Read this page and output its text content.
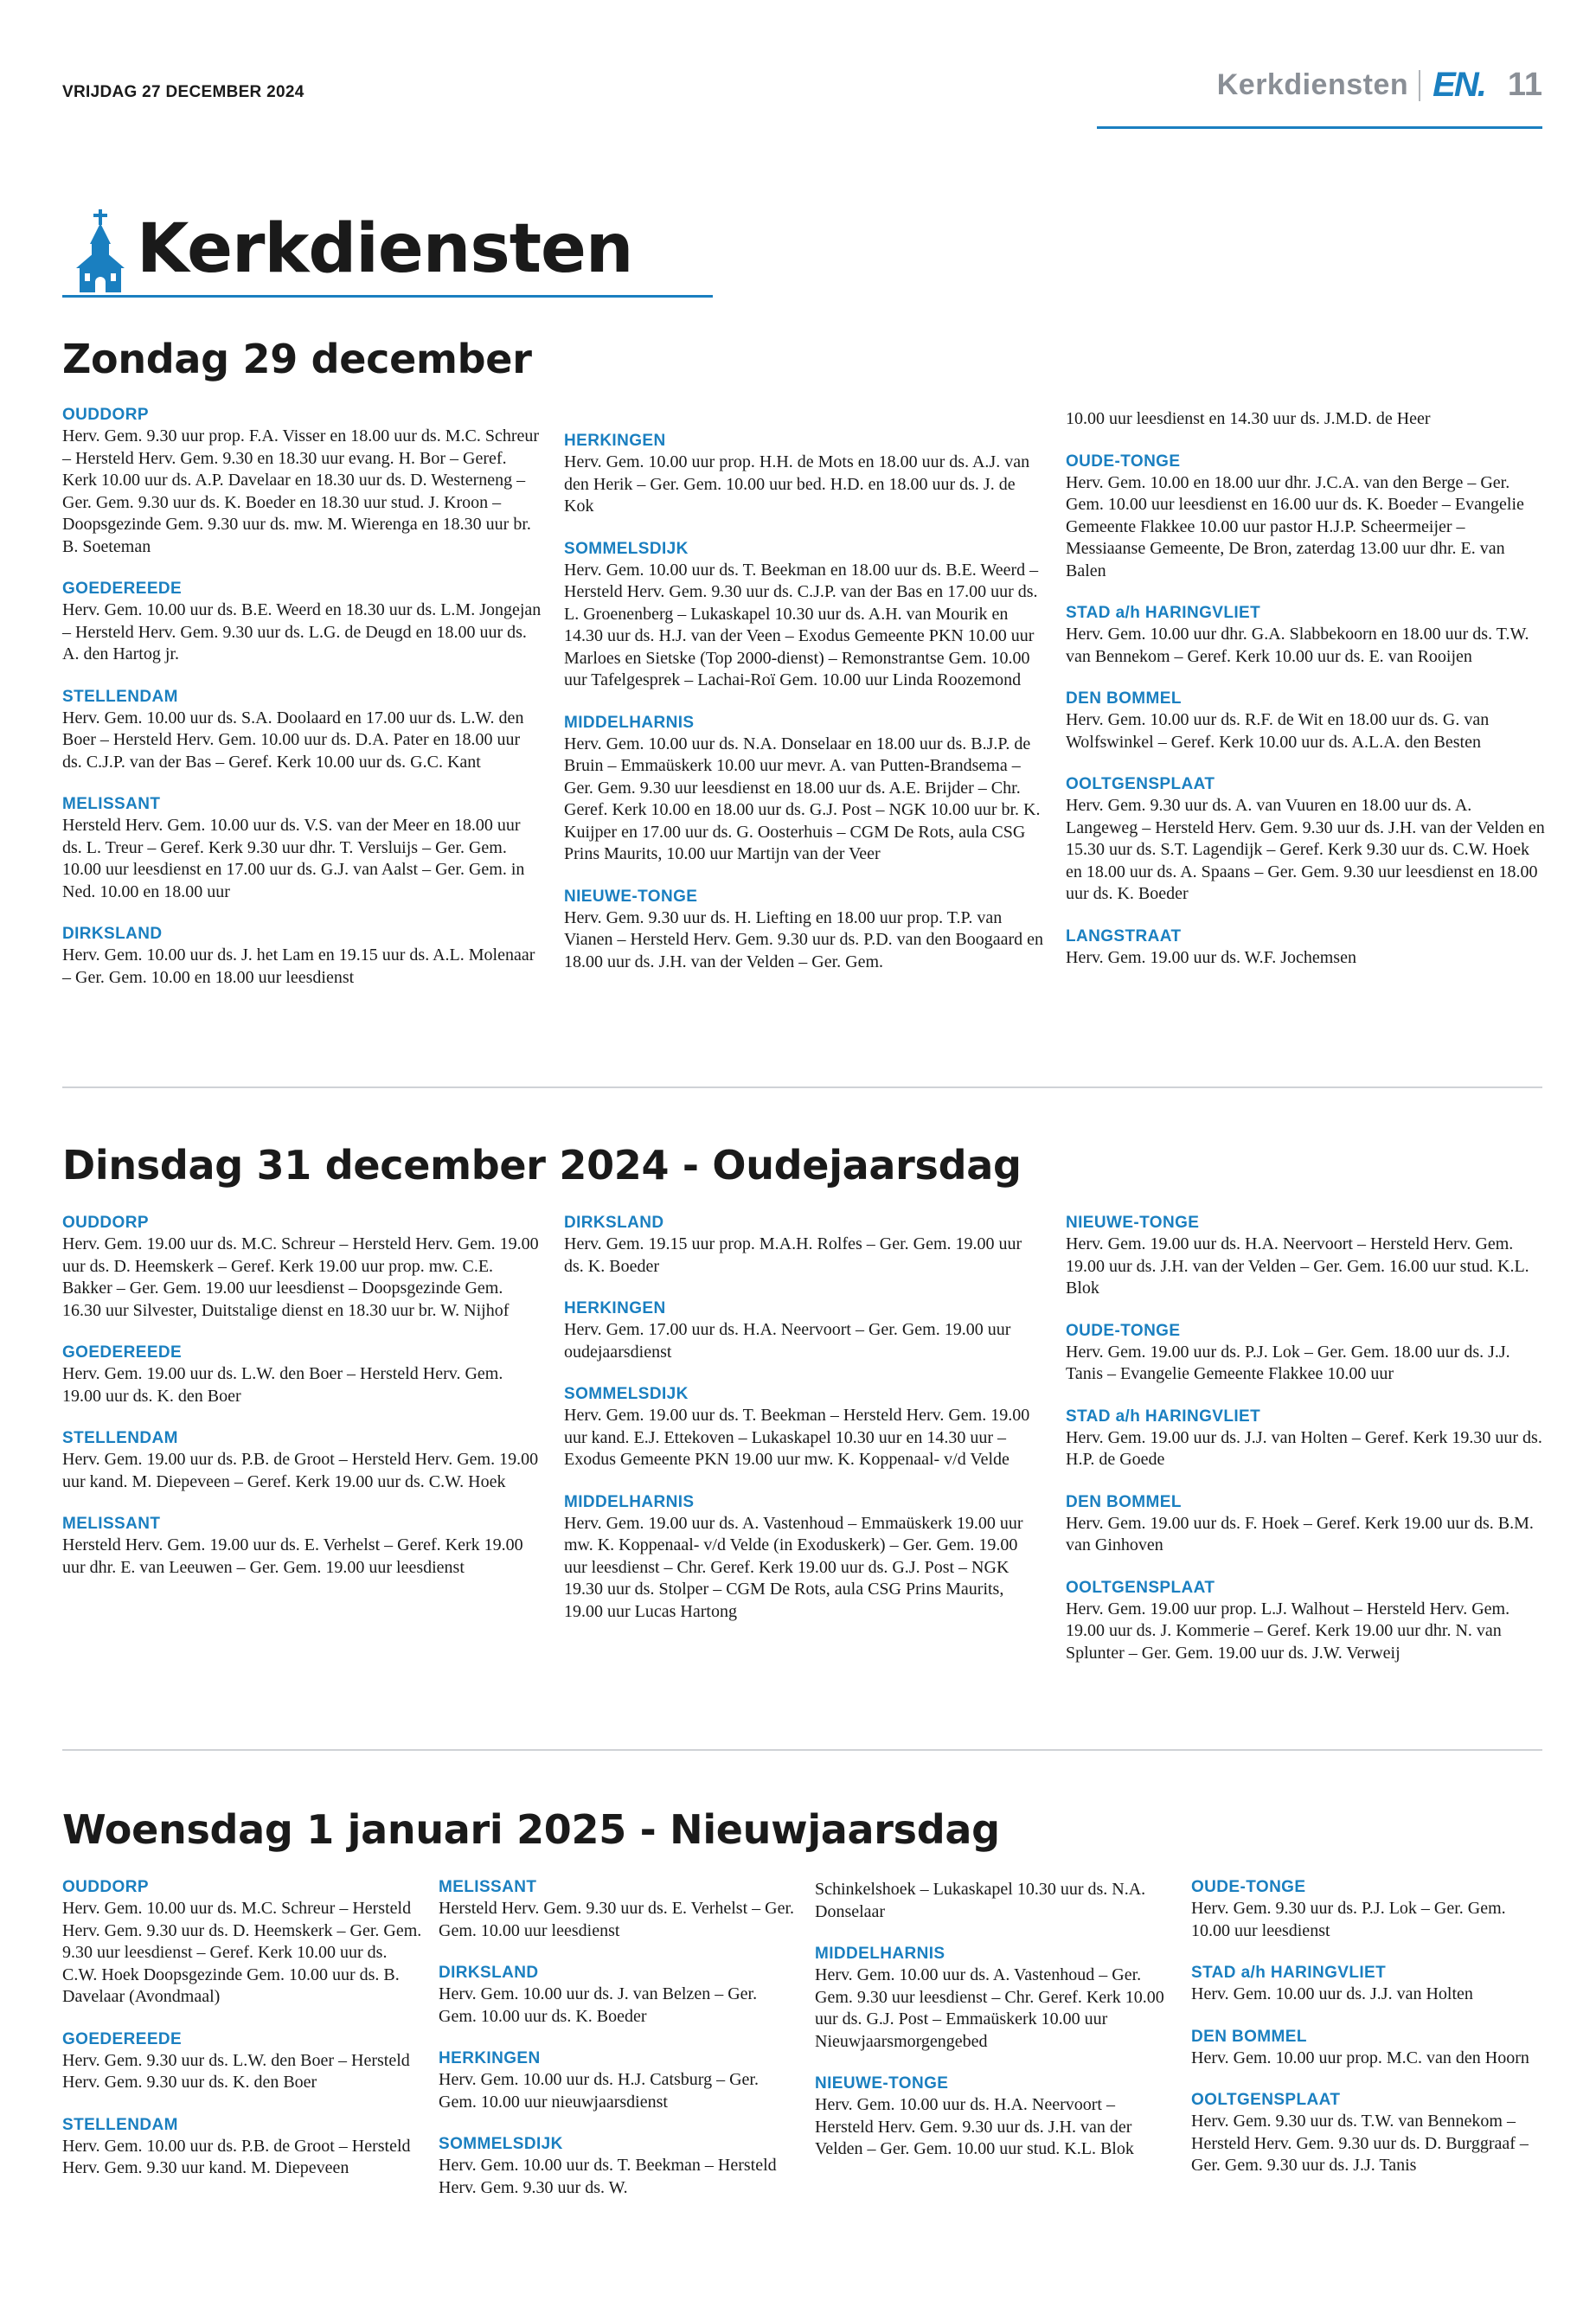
VRIJDAG 27 DECEMBER 2024	Kerkdiensten EN. 11
Kerkdiensten
Zondag 29 december
OUDDORP
Herv. Gem. 9.30 uur prop. F.A. Visser en 18.00 uur ds. M.C. Schreur – Hersteld Herv. Gem. 9.30 en 18.30 uur evang. H. Bor – Geref. Kerk 10.00 uur ds. A.P. Davelaar en 18.30 uur ds. D. Westerneng – Ger. Gem. 9.30 uur ds. K. Boeder en 18.30 uur stud. J. Kroon – Doopsgezinde Gem. 9.30 uur ds. mw. M. Wierenga en 18.30 uur br. B. Soeteman
GOEDEREEDE
Herv. Gem. 10.00 uur ds. B.E. Weerd en 18.30 uur ds. L.M. Jongejan – Hersteld Herv. Gem. 9.30 uur ds. L.G. de Deugd en 18.00 uur ds. A. den Hartog jr.
STELLENDAM
Herv. Gem. 10.00 uur ds. S.A. Doolaard en 17.00 uur ds. L.W. den Boer – Hersteld Herv. Gem. 10.00 uur ds. D.A. Pater en 18.00 uur ds. C.J.P. van der Bas – Geref. Kerk 10.00 uur ds. G.C. Kant
MELISSANT
Hersteld Herv. Gem. 10.00 uur ds. V.S. van der Meer en 18.00 uur ds. L. Treur – Geref. Kerk 9.30 uur dhr. T. Versluijs – Ger. Gem. 10.00 uur leesdienst en 17.00 uur ds. G.J. van Aalst – Ger. Gem. in Ned. 10.00 en 18.00 uur
DIRKSLAND
Herv. Gem. 10.00 uur ds. J. het Lam en 19.15 uur ds. A.L. Molenaar – Ger. Gem. 10.00 en 18.00 uur leesdienst
HERKINGEN
Herv. Gem. 10.00 uur prop. H.H. de Mots en 18.00 uur ds. A.J. van den Herik – Ger. Gem. 10.00 uur bed. H.D. en 18.00 uur ds. J. de Kok
SOMMELSDIJK
Herv. Gem. 10.00 uur ds. T. Beekman en 18.00 uur ds. B.E. Weerd – Hersteld Herv. Gem. 9.30 uur ds. C.J.P. van der Bas en 17.00 uur ds. L. Groenenberg – Lukaskapel 10.30 uur ds. A.H. van Mourik en 14.30 uur ds. H.J. van der Veen – Exodus Gemeente PKN 10.00 uur Marloes en Sietske (Top 2000-dienst) – Remonstrantse Gem. 10.00 uur Tafelgesprek – Lachai-Roï Gem. 10.00 uur Linda Roozemond
MIDDELHARNIS
Herv. Gem. 10.00 uur ds. N.A. Donselaar en 18.00 uur ds. B.J.P. de Bruin – Emmaüskerk 10.00 uur mevr. A. van Putten-Brandsema – Ger. Gem. 9.30 uur leesdienst en 18.00 uur ds. A.E. Brijder – Chr. Geref. Kerk 10.00 en 18.00 uur ds. G.J. Post – NGK 10.00 uur br. K. Kuijper en 17.00 uur ds. G. Oosterhuis – CGM De Rots, aula CSG Prins Maurits, 10.00 uur Martijn van der Veer
NIEUWE-TONGE
Herv. Gem. 9.30 uur ds. H. Liefting en 18.00 uur prop. T.P. van Vianen – Hersteld Herv. Gem. 9.30 uur ds. P.D. van den Boogaard en 18.00 uur ds. J.H. van der Velden – Ger. Gem.
10.00 uur leesdienst en 14.30 uur ds. J.M.D. de Heer
OUDE-TONGE
Herv. Gem. 10.00 en 18.00 uur dhr. J.C.A. van den Berge – Ger. Gem. 10.00 uur leesdienst en 16.00 uur ds. K. Boeder – Evangelie Gemeente Flakkee 10.00 uur pastor H.J.P. Scheermeijer – Messiaanse Gemeente, De Bron, zaterdag 13.00 uur dhr. E. van Balen
STAD a/h HARINGVLIET
Herv. Gem. 10.00 uur dhr. G.A. Slabbekoorn en 18.00 uur ds. T.W. van Bennekom – Geref. Kerk 10.00 uur ds. E. van Rooijen
DEN BOMMEL
Herv. Gem. 10.00 uur ds. R.F. de Wit en 18.00 uur ds. G. van Wolfswinkel – Geref. Kerk 10.00 uur ds. A.L.A. den Besten
OOLTGENSPLAAT
Herv. Gem. 9.30 uur ds. A. van Vuuren en 18.00 uur ds. A. Langeweg – Hersteld Herv. Gem. 9.30 uur ds. J.H. van der Velden en 15.30 uur ds. S.T. Lagendijk – Geref. Kerk 9.30 uur ds. C.W. Hoek en 18.00 uur ds. A. Spaans – Ger. Gem. 9.30 uur leesdienst en 18.00 uur ds. K. Boeder
LANGSTRAAT
Herv. Gem. 19.00 uur ds. W.F. Jochemsen
Dinsdag 31 december 2024 - Oudejaarsdag
OUDDORP
Herv. Gem. 19.00 uur ds. M.C. Schreur – Hersteld Herv. Gem. 19.00 uur ds. D. Heemskerk – Geref. Kerk 19.00 uur prop. mw. C.E. Bakker – Ger. Gem. 19.00 uur leesdienst – Doopsgezinde Gem. 16.30 uur Silvester, Duitstalige dienst en 18.30 uur br. W. Nijhof
GOEDEREEDE
Herv. Gem. 19.00 uur ds. L.W. den Boer – Hersteld Herv. Gem. 19.00 uur ds. K. den Boer
STELLENDAM
Herv. Gem. 19.00 uur ds. P.B. de Groot – Hersteld Herv. Gem. 19.00 uur kand. M. Diepeveen – Geref. Kerk 19.00 uur ds. C.W. Hoek
MELISSANT
Hersteld Herv. Gem. 19.00 uur ds. E. Verhelst – Geref. Kerk 19.00 uur dhr. E. van Leeuwen – Ger. Gem. 19.00 uur leesdienst
DIRKSLAND
Herv. Gem. 19.15 uur prop. M.A.H. Rolfes – Ger. Gem. 19.00 uur ds. K. Boeder
HERKINGEN
Herv. Gem. 17.00 uur ds. H.A. Neervoort – Ger. Gem. 19.00 uur oudejaarsdienst
SOMMELSDIJK
Herv. Gem. 19.00 uur ds. T. Beekman – Hersteld Herv. Gem. 19.00 uur kand. E.J. Ettekoven – Lukaskapel 10.30 uur en 14.30 uur – Exodus Gemeente PKN 19.00 uur mw. K. Koppenaal- v/d Velde
MIDDELHARNIS
Herv. Gem. 19.00 uur ds. A. Vastenhoud – Emmaüskerk 19.00 uur mw. K. Koppenaal- v/d Velde (in Exoduskerk) – Ger. Gem. 19.00 uur leesdienst – Chr. Geref. Kerk 19.00 uur ds. G.J. Post – NGK 19.30 uur ds. Stolper – CGM De Rots, aula CSG Prins Maurits, 19.00 uur Lucas Hartong
NIEUWE-TONGE
Herv. Gem. 19.00 uur ds. H.A. Neervoort – Hersteld Herv. Gem. 19.00 uur ds. J.H. van der Velden – Ger. Gem. 16.00 uur stud. K.L. Blok
OUDE-TONGE
Herv. Gem. 19.00 uur ds. P.J. Lok – Ger. Gem. 18.00 uur ds. J.J. Tanis – Evangelie Gemeente Flakkee 10.00 uur
STAD a/h HARINGVLIET
Herv. Gem. 19.00 uur ds. J.J. van Holten – Geref. Kerk 19.30 uur ds. H.P. de Goede
DEN BOMMEL
Herv. Gem. 19.00 uur ds. F. Hoek – Geref. Kerk 19.00 uur ds. B.M. van Ginhoven
OOLTGENSPLAAT
Herv. Gem. 19.00 uur prop. L.J. Walhout – Hersteld Herv. Gem. 19.00 uur ds. J. Kommerie – Geref. Kerk 19.00 uur dhr. N. van Splunter – Ger. Gem. 19.00 uur ds. J.W. Verweij
Woensdag 1 januari 2025 - Nieuwjaarsdag
OUDDORP
Herv. Gem. 10.00 uur ds. M.C. Schreur – Hersteld Herv. Gem. 9.30 uur ds. D. Heemskerk – Ger. Gem. 9.30 uur leesdienst – Geref. Kerk 10.00 uur ds. C.W. Hoek Doopsgezinde Gem. 10.00 uur ds. B. Davelaar (Avondmaal)
GOEDEREEDE
Herv. Gem. 9.30 uur ds. L.W. den Boer – Hersteld Herv. Gem. 9.30 uur ds. K. den Boer
STELLENDAM
Herv. Gem. 10.00 uur ds. P.B. de Groot – Hersteld Herv. Gem. 9.30 uur kand. M. Diepeveen
MELISSANT
Hersteld Herv. Gem. 9.30 uur ds. E. Verhelst – Ger. Gem. 10.00 uur leesdienst
DIRKSLAND
Herv. Gem. 10.00 uur ds. J. van Belzen – Ger. Gem. 10.00 uur ds. K. Boeder
HERKINGEN
Herv. Gem. 10.00 uur ds. H.J. Catsburg – Ger. Gem. 10.00 uur nieuwjaarsdienst
SOMMELSDIJK
Herv. Gem. 10.00 uur ds. T. Beekman – Hersteld Herv. Gem. 9.30 uur ds. W.
Schinkelshoek – Lukaskapel 10.30 uur ds. N.A. Donselaar
MIDDELHARNIS
Herv. Gem. 10.00 uur ds. A. Vastenhoud – Ger. Gem. 9.30 uur leesdienst – Chr. Geref. Kerk 10.00 uur ds. G.J. Post – Emmaüskerk 10.00 uur Nieuwjaarsmorgengebed
NIEUWE-TONGE
Herv. Gem. 10.00 uur ds. H.A. Neervoort – Hersteld Herv. Gem. 9.30 uur ds. J.H. van der Velden – Ger. Gem. 10.00 uur stud. K.L. Blok
OUDE-TONGE
Herv. Gem. 9.30 uur ds. P.J. Lok – Ger. Gem. 10.00 uur leesdienst
STAD a/h HARINGVLIET
Herv. Gem. 10.00 uur ds. J.J. van Holten
DEN BOMMEL
Herv. Gem. 10.00 uur prop. M.C. van den Hoorn
OOLTGENSPLAAT
Herv. Gem. 9.30 uur ds. T.W. van Bennekom – Hersteld Herv. Gem. 9.30 uur ds. D. Burggraaf – Ger. Gem. 9.30 uur ds. J.J. Tanis
